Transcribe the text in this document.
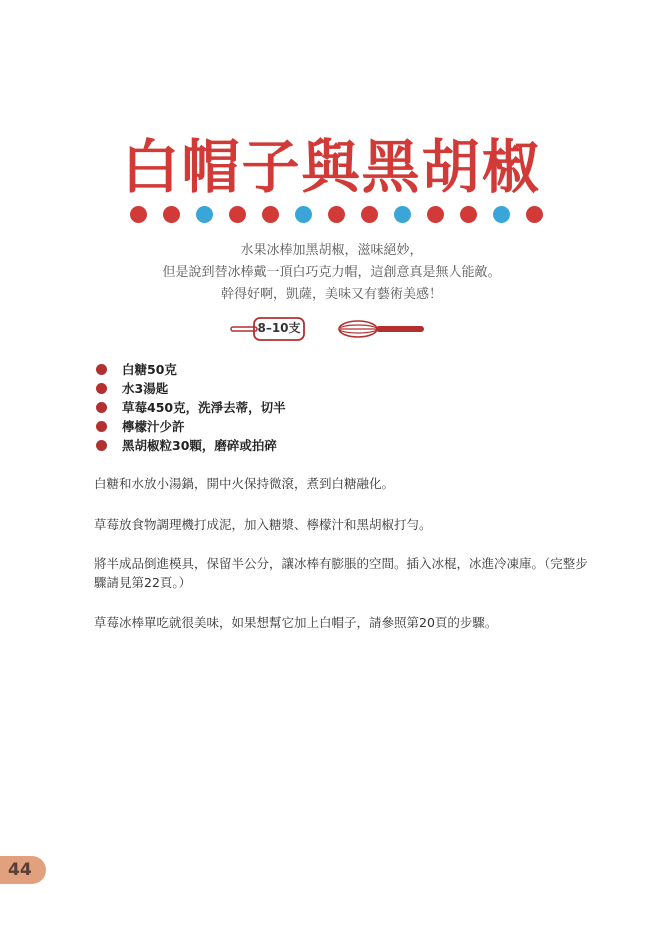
白帽子與黑胡椒
水果冰棒加黑胡椒，滋味絕妙，
但是說到替冰棒戴一頂白巧克力帽，這創意真是無人能敵。
幹得好啊，凱薩，美味又有藝術美感！
8–10支
白糖50克
水3湯匙
草莓450克，洗淨去蒂，切半
檸檬汁少許
黑胡椒粒30顆，磨碎或拍碎
白糖和水放小湯鍋，開中火保持微滾，煮到白糖融化。
草莓放食物調理機打成泥，加入糖漿、檸檬汁和黑胡椒打勻。
將半成品倒進模具，保留半公分，讓冰棒有膨脹的空間。插入冰棍，冰進冷凍庫。（完整步驟請見第22頁。）
草莓冰棒單吃就很美味，如果想幫它加上白帽子，請參照第20頁的步驟。
44
